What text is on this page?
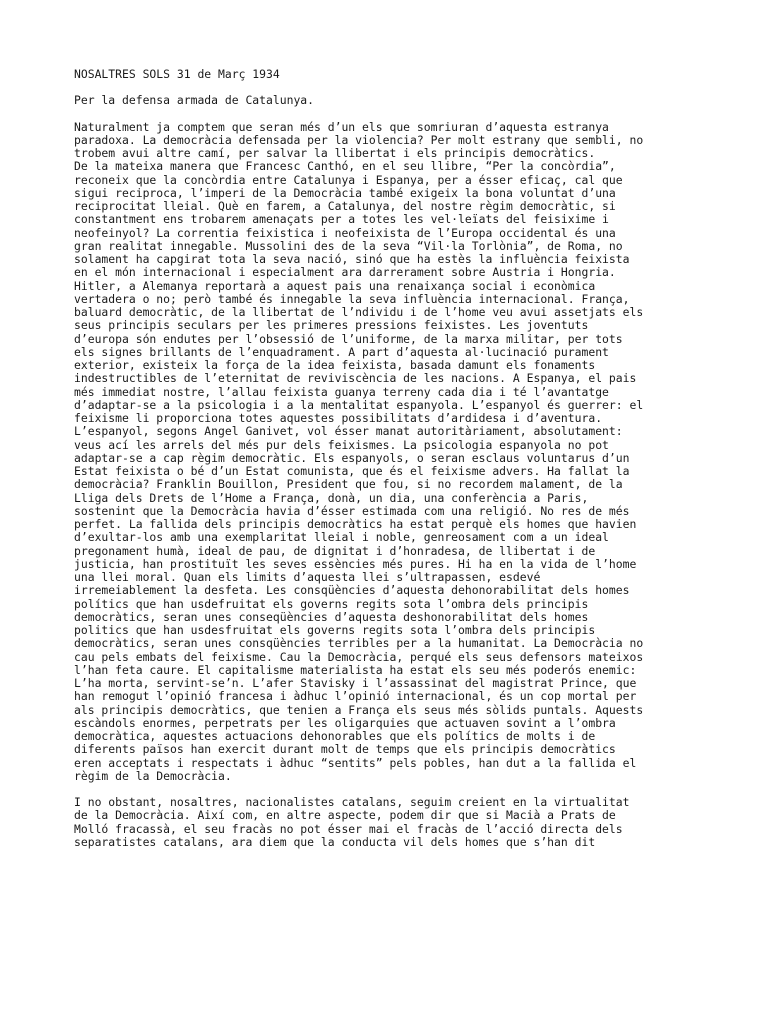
NOSALTRES SOLS 31 de Març 1934
Per la defensa armada de Catalunya.
Naturalment ja comptem que seran més d’un els que somriuran d’aquesta estranya
paradoxa. La democràcia defensada per la violencia? Per molt estrany que sembli, no
trobem avui altre camí, per salvar la llibertat i els principis democràtics.
De la mateixa manera que Francesc Canthó, en el seu llibre, “Per la concòrdia”,
reconeix que la concòrdia entre Catalunya i Espanya, per a ésser eficaç, cal que
sigui reciproca, l’imperi de la Democràcia també exigeix la bona voluntat d’una
reciprocitat lleial. Què en farem, a Catalunya, del nostre règim democràtic, si
constantment ens trobarem amenaçats per a totes les vel·leïats del feisixime i
neofeinyol? La correntia feixistica i neofeixista de l’Europa occidental és una
gran realitat innegable. Mussolini des de la seva “Vil·la Torlònia”, de Roma, no
solament ha capgirat tota la seva nació, sinó que ha estès la influència feixista
en el món internacional i especialment ara darrerament sobre Austria i Hongria.
Hitler, a Alemanya reportarà a aquest pais una renaixança social i econòmica
vertadera o no; però també és innegable la seva influència internacional. França,
baluard democràtic, de la llibertat de l’ndividu i de l’home veu avui assetjats els
seus principis seculars per les primeres pressions feixistes. Les joventuts
d’europa són endutes per l’obsessió de l’uniforme, de la marxa militar, per tots
els signes brillants de l’enquadrament. A part d’aquesta al·lucinació purament
exterior, existeix la força de la idea feixista, basada damunt els fonaments
indestructibles de l’eternitat de reviviscència de les nacions. A Espanya, el pais
més immediat nostre, l’allau feixista guanya terreny cada dia i té l’avantatge
d’adaptar-se a la psicologia i a la mentalitat espanyola. L’espanyol és guerrer: el
feixisme li proporciona totes aquestes possibilitats d’ardidesa i d’aventura.
L’espanyol, segons Angel Ganivet, vol ésser manat autoritàriament, absolutament:
veus ací les arrels del més pur dels feixismes. La psicologia espanyola no pot
adaptar-se a cap règim democràtic. Els espanyols, o seran esclaus voluntarus d’un
Estat feixista o bé d’un Estat comunista, que és el feixisme advers. Ha fallat la
democràcia? Franklin Bouillon, President que fou, si no recordem malament, de la
Lliga dels Drets de l’Home a França, donà, un dia, una conferència a Paris,
sostenint que la Democràcia havia d’ésser estimada com una religió. No res de més
perfet. La fallida dels principis democràtics ha estat perquè els homes que havien
d’exultar-los amb una exemplaritat lleial i noble, genreosament com a un ideal
pregonament humà, ideal de pau, de dignitat i d’honradesa, de llibertat i de
justicia, han prostituït les seves essències més pures. Hi ha en la vida de l’home
una llei moral. Quan els limits d’aquesta llei s’ultrapassen, esdevé
irremeiablement la desfeta. Les consqüències d’aquesta dehonorabilitat dels homes
polítics que han usdefruitat els governs regits sota l’ombra dels principis
democràtics, seran unes conseqüències d’aquesta deshonorabilitat dels homes
politics que han usdesfruitat els governs regits sota l’ombra dels principis
democràtics, seran unes consqüències terribles per a la humanitat. La Democràcia no
cau pels embats del feixisme. Cau la Democràcia, perqué els seus defensors mateixos
l’han feta caure. El capitalisme materialista ha estat els seu més poderós enemic:
L’ha morta, servint-se’n. L’afer Stavisky i l’assassinat del magistrat Prince, que
han remogut l’opinió francesa i àdhuc l’opinió internacional, és un cop mortal per
als principis democràtics, que tenien a França els seus més sòlids puntals. Aquests
escàndols enormes, perpetrats per les oligarquies que actuaven sovint a l’ombra
democràtica, aquestes actuacions dehonorables que els polítics de molts i de
diferents països han exercit durant molt de temps que els principis democràtics
eren acceptats i respectats i àdhuc “sentits” pels pobles, han dut a la fallida el
règim de la Democràcia.
I no obstant, nosaltres, nacionalistes catalans, seguim creient en la virtualitat
de la Democràcia. Així com, en altre aspecte, podem dir que si Macià a Prats de
Molló fracassà, el seu fracàs no pot ésser mai el fracàs de l’acció directa dels
separatistes catalans, ara diem que la conducta vil dels homes que s’han dit
